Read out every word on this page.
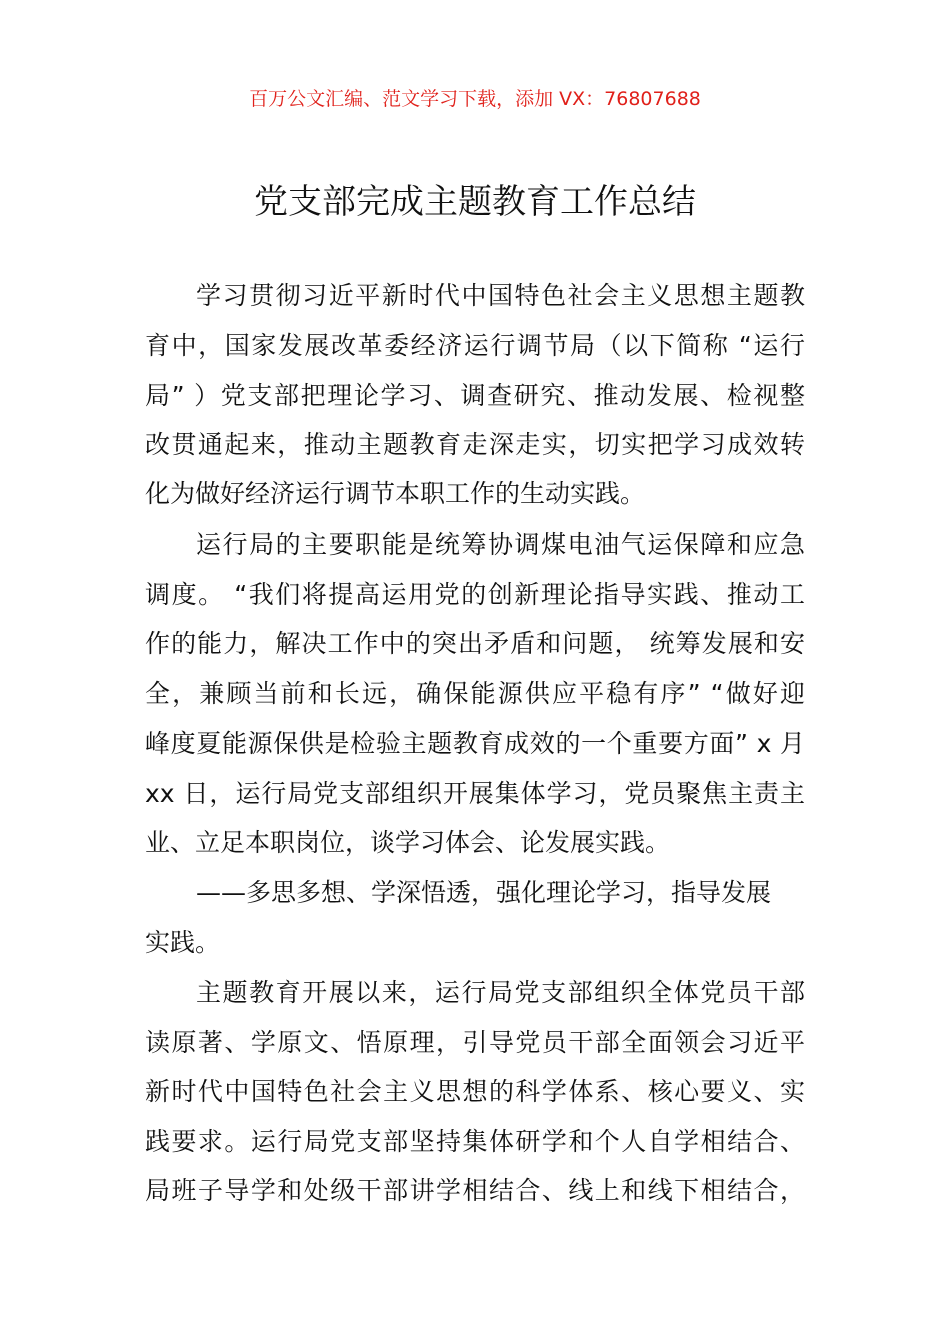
百万公文汇编、范文学习下载，添加 VX：76807688
党支部完成主题教育工作总结
学习贯彻习近平新时代中国特色社会主义思想主题教
育中，国家发展改革委经济运行调节局（以下简称 “运行
局” ）党支部把理论学习、调查研究、推动发展、检视整
改贯通起来，推动主题教育走深走实，切实把学习成效转
化为做好经济运行调节本职工作的生动实践。
运行局的主要职能是统筹协调煤电油气运保障和应急
调度。 “我们将提高运用党的创新理论指导实践、推动工
作的能力，解决工作中的突出矛盾和问题， 统筹发展和安
全，兼顾当前和长远，确保能源供应平稳有序” “做好迎
峰度夏能源保供是检验主题教育成效的一个重要方面” x 月
xx 日，运行局党支部组织开展集体学习，党员聚焦主责主
业、立足本职岗位，谈学习体会、论发展实践。
——多思多想、学深悟透，强化理论学习，指导发展
实践。
主题教育开展以来，运行局党支部组织全体党员干部
读原著、学原文、悟原理，引导党员干部全面领会习近平
新时代中国特色社会主义思想的科学体系、核心要义、实
践要求。运行局党支部坚持集体研学和个人自学相结合、
局班子导学和处级干部讲学相结合、线上和线下相结合，
